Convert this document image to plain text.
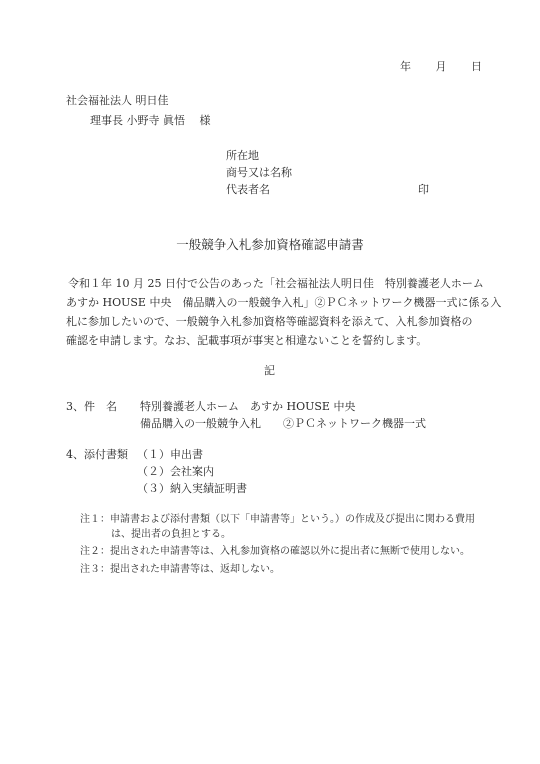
年 月 日
社会福祉法人 明日佳
理事長 小野寺 眞悟 　様
所在地
商号又は名称
代表者名	印
一般競争入札参加資格確認申請書

令和１年 10 月 25 日付で公告のあった「社会福祉法人明日佳　特別養護老人ホーム

あすか HOUSE 中央　備品購入の一般競争入札」②ＰＣネットワーク機器一式に係る入

札に参加したいので、一般競争入札参加資格等確認資料を添えて、入札参加資格の

確認を申請します。なお、記載事項が事実と相違ないことを誓約します。

記
3、件　名 特別養護老人ホーム　あすか HOUSE 中央
備品購入の一般競争入札　　②ＰＣネットワーク機器一式
4、添付書類 （１）申出書
（２）会社案内
（３）納入実績証明書
注１：申請書および添付書類（以下「申請書等」という。）の作成及び提出に関わる費用
は、提出者の負担とする。
注２：提出された申請書等は、入札参加資格の確認以外に提出者に無断で使用しない。
注３：提出された申請書等は、返却しない。
